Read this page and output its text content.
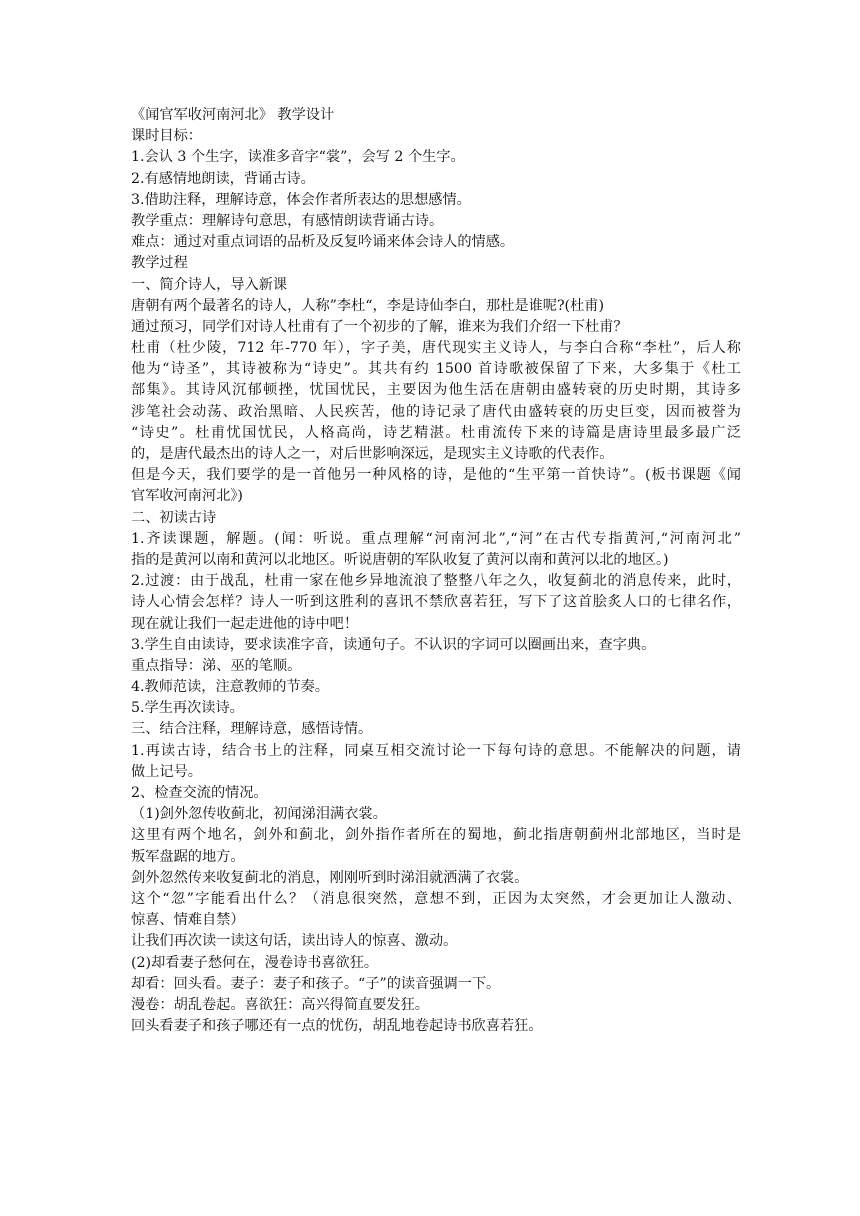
《闻官军收河南河北》 教学设计
课时目标：
1.会认 3 个生字，读准多音字“裳”，会写 2 个生字。
2.有感情地朗读，背诵古诗。
3.借助注释，理解诗意，体会作者所表达的思想感情。
教学重点：理解诗句意思，有感情朗读背诵古诗。
难点：通过对重点词语的品析及反复吟诵来体会诗人的情感。
教学过程
一、简介诗人，导入新课
唐朝有两个最著名的诗人，人称”李杜“，李是诗仙李白，那杜是谁呢?(杜甫)
通过预习，同学们对诗人杜甫有了一个初步的了解，谁来为我们介绍一下杜甫？
杜甫（杜少陵，712 年-770 年），字子美，唐代现实主义诗人，与李白合称“李杜”，后人称
他为“诗圣”，其诗被称为“诗史”。其共有约 1500 首诗歌被保留了下来，大多集于《杜工
部集》。其诗风沉郁顿挫，忧国忧民，主要因为他生活在唐朝由盛转衰的历史时期，其诗多
涉笔社会动荡、政治黑暗、人民疾苦，他的诗记录了唐代由盛转衰的历史巨变，因而被誉为
“诗史”。杜甫忧国忧民，人格高尚，诗艺精湛。杜甫流传下来的诗篇是唐诗里最多最广泛
的，是唐代最杰出的诗人之一，对后世影响深远，是现实主义诗歌的代表作。
但是今天，我们要学的是一首他另一种风格的诗，是他的“生平第一首快诗”。(板书课题《闻
官军收河南河北》)
二、初读古诗
1.齐读课题，解题。(闻：听说。重点理解“河南河北”,“河”在古代专指黄河,“河南河北”
指的是黄河以南和黄河以北地区。听说唐朝的军队收复了黄河以南和黄河以北的地区。)
2.过渡：由于战乱，杜甫一家在他乡异地流浪了整整八年之久，收复蓟北的消息传来，此时，
诗人心情会怎样？诗人一听到这胜利的喜讯不禁欣喜若狂，写下了这首脍炙人口的七律名作，
现在就让我们一起走进他的诗中吧！
3.学生自由读诗，要求读准字音，读通句子。不认识的字词可以圈画出来，查字典。
重点指导：涕、巫的笔顺。
4.教师范读，注意教师的节奏。
5.学生再次读诗。
三、结合注释，理解诗意，感悟诗情。
1.再读古诗，结合书上的注释，同桌互相交流讨论一下每句诗的意思。不能解决的问题，请
做上记号。
2、检查交流的情况。
（1)剑外忽传收蓟北，初闻涕泪满衣裳。
这里有两个地名，剑外和蓟北，剑外指作者所在的蜀地，蓟北指唐朝蓟州北部地区，当时是
叛军盘踞的地方。
剑外忽然传来收复蓟北的消息，刚刚听到时涕泪就洒满了衣裳。
这个“忽”字能看出什么？（消息很突然，意想不到，正因为太突然，才会更加让人激动、
惊喜、情难自禁）
让我们再次读一读这句话，读出诗人的惊喜、激动。
(2)却看妻子愁何在，漫卷诗书喜欲狂。
却看：回头看。妻子：妻子和孩子。“子”的读音强调一下。
漫卷：胡乱卷起。喜欲狂：高兴得简直要发狂。
回头看妻子和孩子哪还有一点的忧伤，胡乱地卷起诗书欣喜若狂。
